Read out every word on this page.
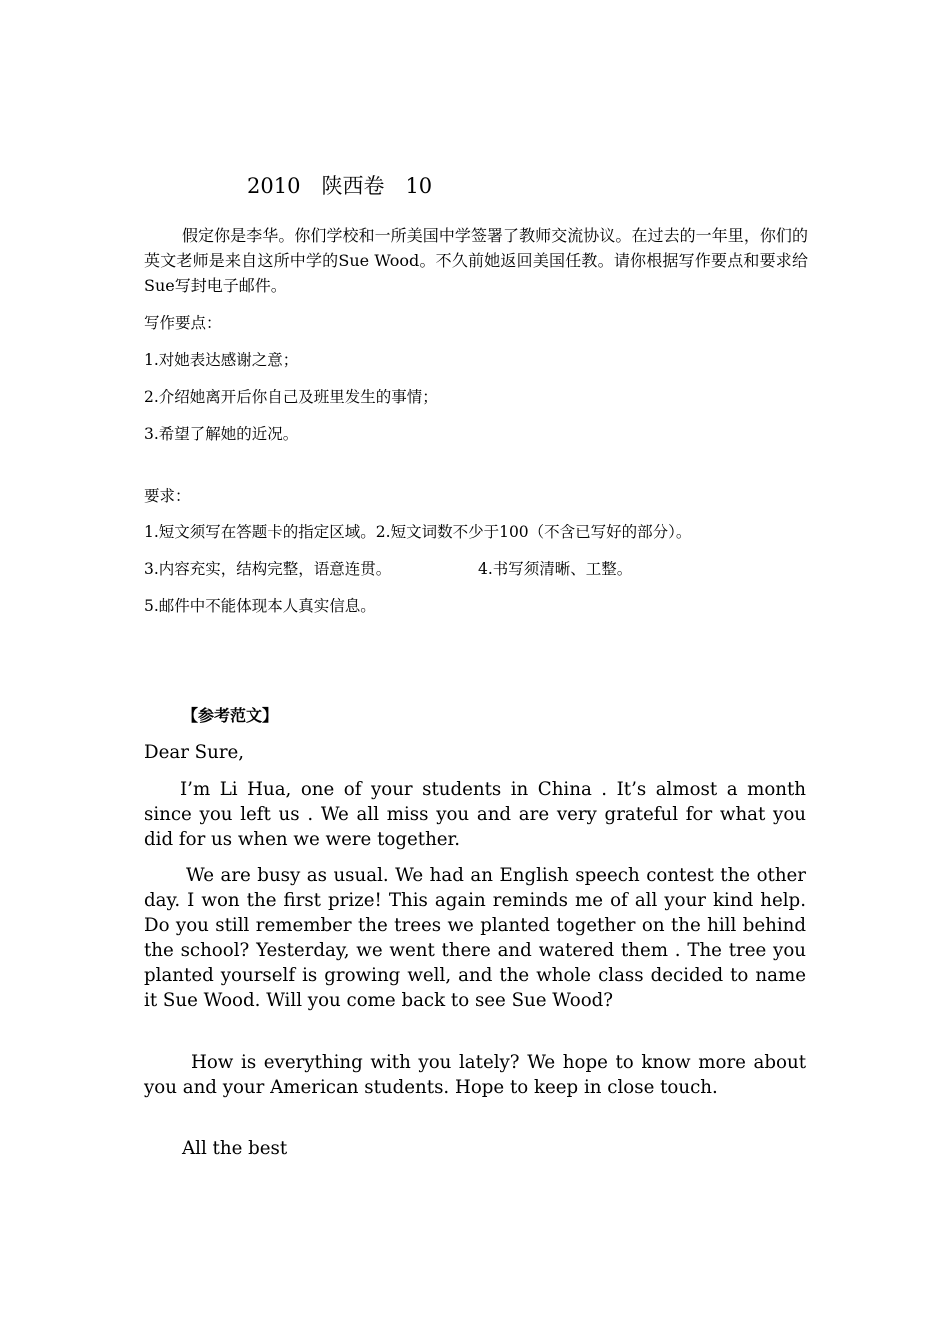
2010　陕西卷　10
假定你是李华。你们学校和一所美国中学签署了教师交流协议。在过去的一年里，你们的英文老师是来自这所中学的Sue Wood。不久前她返回美国任教。请你根据写作要点和要求给Sue写封电子邮件。
写作要点：
1.对她表达感谢之意；
2.介绍她离开后你自己及班里发生的事情；
3.希望了解她的近况。
要求：
1.短文须写在答题卡的指定区域。2.短文词数不少于100（不含已写好的部分）。
3.内容充实，结构完整，语意连贯。	4.书写须清晰、工整。
5.邮件中不能体现本人真实信息。
【参考范文】
Dear Sure,
I’m Li Hua, one of your students in China . It’s almost a month since you left us . We all miss you and are very grateful for what you did for us when we were together.
We are busy as usual. We had an English speech contest the other day. I won the first prize! This again reminds me of all your kind help. Do you still remember the trees we planted together on the hill behind the school? Yesterday, we went there and watered them . The tree you planted yourself is growing well, and the whole class decided to name it Sue Wood. Will you come back to see Sue Wood?
How is everything with you lately? We hope to know more about you and your American students. Hope to keep in close touch.
All the best
